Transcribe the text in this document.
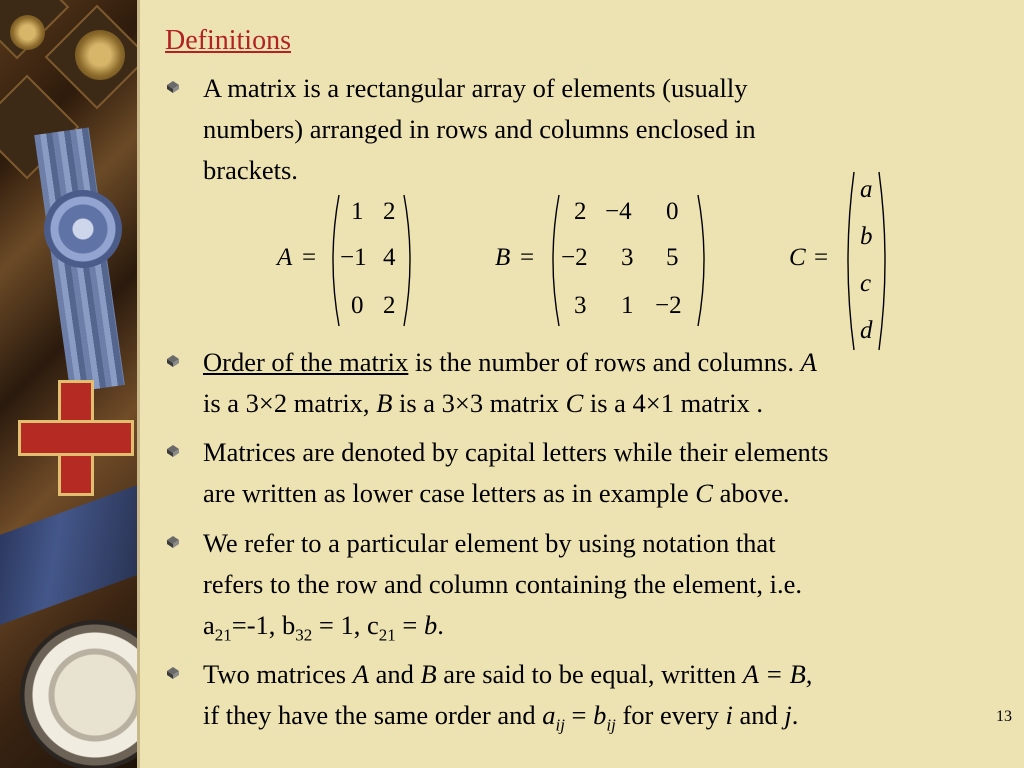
Definitions
A matrix is a rectangular array of elements (usually
numbers) arranged in rows and columns enclosed in
brackets.
A =
1 2
−1 4
0 2
B =
2 −4 0
−2 3 5
3 1 −2
C =
a
b
c
d
Order of the matrix is the number of rows and columns. A
is a 3×2 matrix, B is a 3×3 matrix C is a 4×1 matrix .
Matrices are denoted by capital letters while their elements
are written as lower case letters as in example C above.
We refer to a particular element by using notation that
refers to the row and column containing the element, i.e.
$a_{21}=-1$, $b_{32} = 1$, $c_{21} = b$.
Two matrices A and B are said to be equal, written A = B,
if they have the same order and $a_{ij} = b_{ij}$ for every i and j.	13
